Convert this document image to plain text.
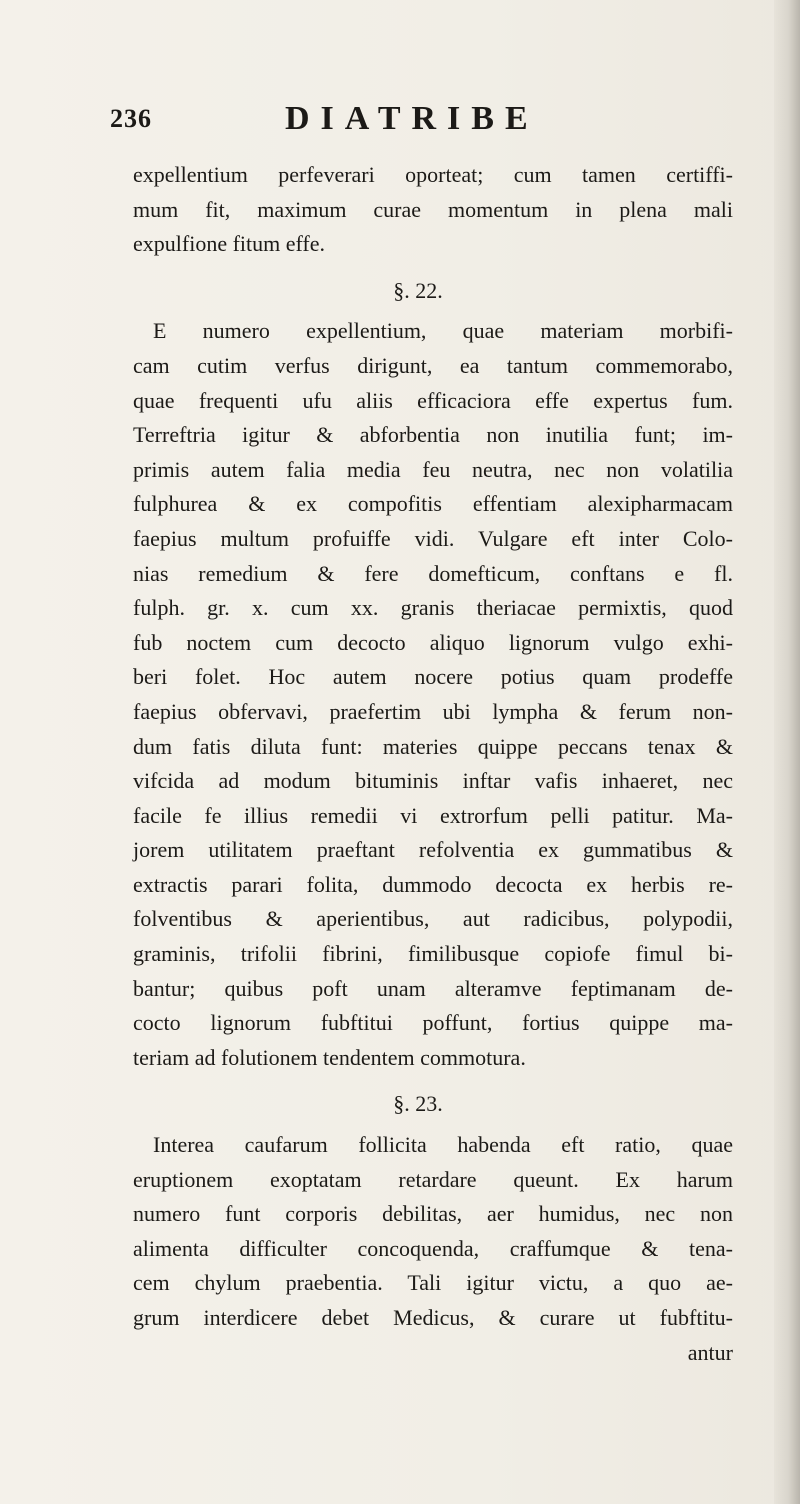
236	DIATRIBE
expellentium perfeverari oporteat; cum tamen certiffi-
mum fit, maximum curae momentum in plena mali
expulfione fitum effe.
§. 22.
E numero expellentium, quae materiam morbifi-
cam cutim verfus dirigunt, ea tantum commemorabo,
quae frequenti ufu aliis efficaciora effe expertus fum.
Terreftria igitur & abforbentia non inutilia funt; im-
primis autem falia media feu neutra, nec non volatilia
fulphurea & ex compofitis effentiam alexipharmacam
faepius multum profuiffe vidi. Vulgare eft inter Colo-
nias remedium & fere domefticum, conftans e fl.
fulph. gr. x. cum xx. granis theriacae permixtis, quod
fub noctem cum decocto aliquo lignorum vulgo exhi-
beri folet. Hoc autem nocere potius quam prodeffe
faepius obfervavi, praefertim ubi lympha & ferum non-
dum fatis diluta funt: materies quippe peccans tenax &
vifcida ad modum bituminis inftar vafis inhaeret, nec
facile fe illius remedii vi extrorfum pelli patitur. Ma-
jorem utilitatem praeftant refolventia ex gummatibus &
extractis parari folita, dummodo decocta ex herbis re-
folventibus & aperientibus, aut radicibus, polypodii,
graminis, trifolii fibrini, fimilibusque copiofe fimul bi-
bantur; quibus poft unam alteramve feptimanam de-
cocto lignorum fubftitui poffunt, fortius quippe ma-
teriam ad folutionem tendentem commotura.
§. 23.
Interea caufarum follicita habenda eft ratio, quae
eruptionem exoptatam retardare queunt. Ex harum
numero funt corporis debilitas, aer humidus, nec non
alimenta difficulter concoquenda, craffumque & tena-
cem chylum praebentia. Tali igitur victu, a quo ae-
grum interdicere debet Medicus, & curare ut fubftitu-
antur
